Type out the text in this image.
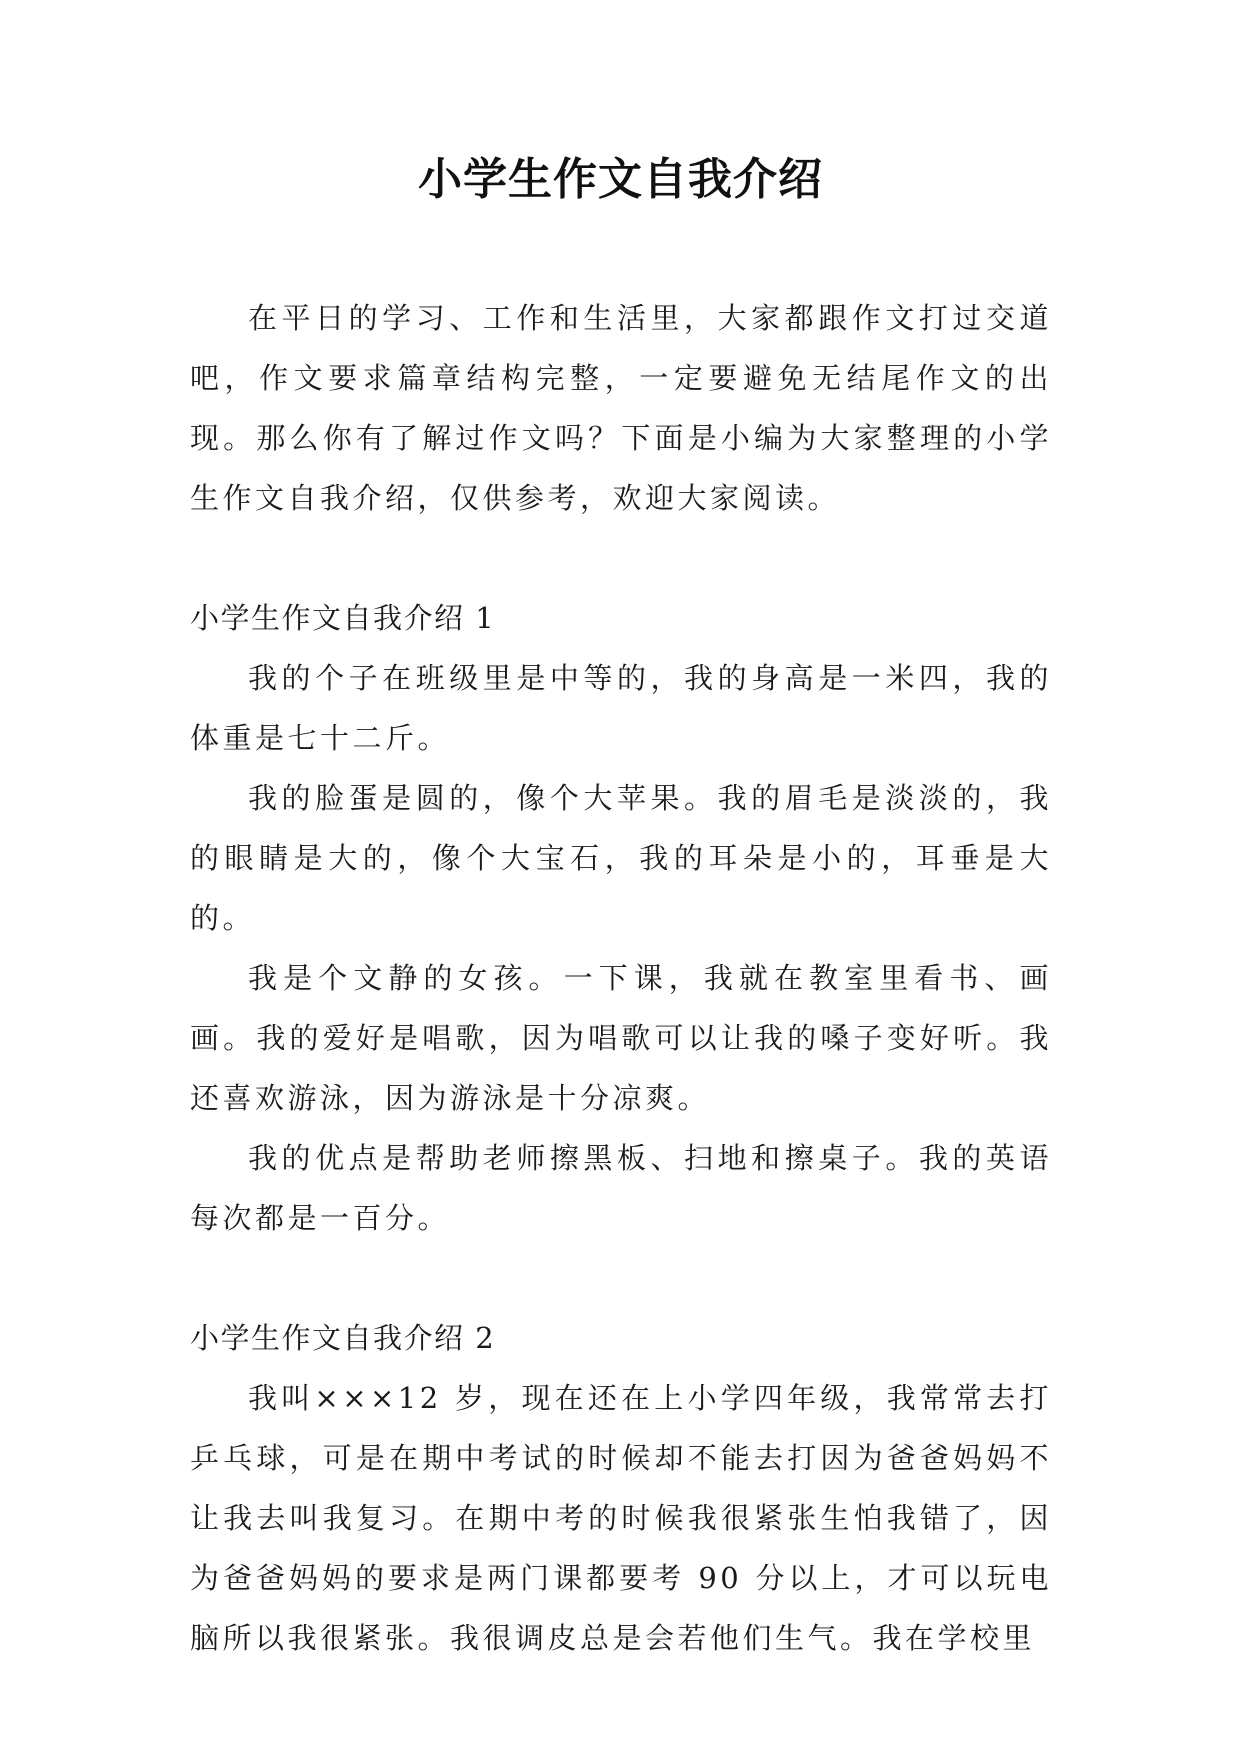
小学生作文自我介绍

在平日的学习、工作和生活里，大家都跟作文打过交道吧，作文要求篇章结构完整，一定要避免无结尾作文的出现。那么你有了解过作文吗？下面是小编为大家整理的小学生作文自我介绍，仅供参考，欢迎大家阅读。

小学生作文自我介绍 1

我的个子在班级里是中等的，我的身高是一米四，我的体重是七十二斤。

我的脸蛋是圆的，像个大苹果。我的眉毛是淡淡的，我的眼睛是大的，像个大宝石，我的耳朵是小的，耳垂是大的。

我是个文静的女孩。一下课，我就在教室里看书、画画。我的爱好是唱歌，因为唱歌可以让我的嗓子变好听。我还喜欢游泳，因为游泳是十分凉爽。

我的优点是帮助老师擦黑板、扫地和擦桌子。我的英语每次都是一百分。

小学生作文自我介绍 2

我叫×××12 岁，现在还在上小学四年级，我常常去打乒乓球，可是在期中考试的时候却不能去打因为爸爸妈妈不让我去叫我复习。在期中考的时候我很紧张生怕我错了，因为爸爸妈妈的要求是两门课都要考 90 分以上，才可以玩电脑所以我很紧张。我很调皮总是会若他们生气。我在学校里
